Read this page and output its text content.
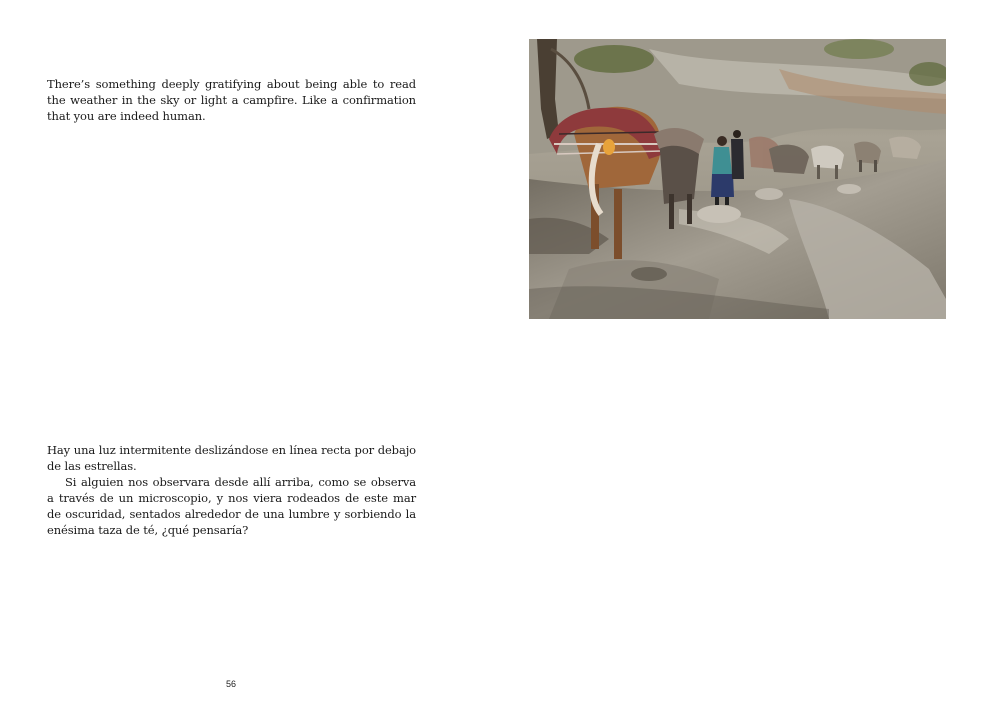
There’s something deeply gratifying about being able to read the weather in the sky or light a campfire. Like a confirmation that you are indeed human.

Hay una luz intermitente deslizándose en línea recta por debajo de las estrellas.

Si alguien nos observara desde allí arriba, como se observa a través de un microscopio, y nos viera rodeados de este mar de oscuridad, sentados alrededor de una lumbre y sorbiendo la enésima taza de té, ¿qué pensaría?

56
